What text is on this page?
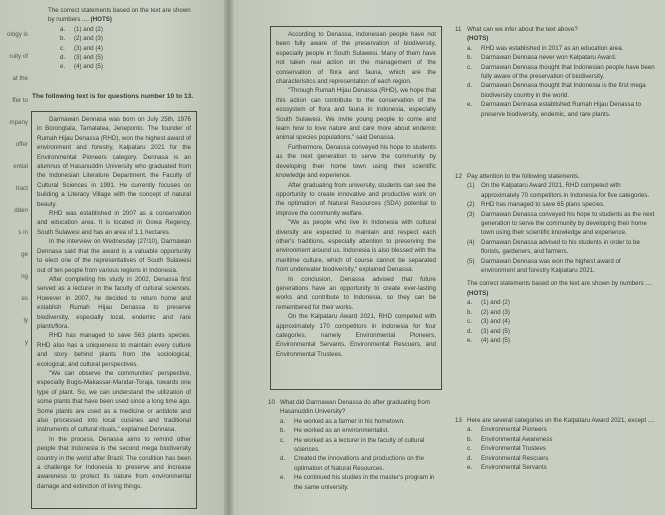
ology is
ruity of
at the
ffer to
mpany
offer
ential
tract
dden
s in
ge
ng
es
ly
y
The correct statements based on the text are shown by numbers .... (HOTS)
a.	(1) and (2)
b.	(2) and (3)
c.	(3) and (4)
d.	(3) and (5)
e.	(4) and (5)
The following text is for questions number 10 to 13.

Darmawan Dennasa was born on July 25th, 1976 in Borongtala, Tamalatea, Jeneponto. The founder of Rumah Hijau Denassa (RHD), won the highest award of environment and forestry, Kalpataru 2021 for the Environmental Pioneers category. Dennasa is an alumnus of Hasanuddin University who graduated from the Indonesian Literature Department, the Faculty of Cultural Sciences in 1991. He currently focuses on building a Literacy Village with the concept of natural beauty.

RHD was established in 2007 as a conservation and education area. It is located in Gowa Regency, South Sulawesi and has an area of 1.1 hectares.

In the interview on Wednesday (27/10), Darmawan Dennasa said that the award is a valuable opportunity to elect one of the representatives of South Sulawesi out of ten people from various regions in Indonesia.

After completing his study in 2002, Denassa first served as a lecturer in the faculty of cultural sciences. However in 2007, he decided to return home and establish Rumah Hijau Denassa to preserve biodiversity, especially local, endemic and rare plants/flora.

RHD has managed to save 563 plants species. RHD also has a uniqueness to maintain every culture and story behind plants from the sociological, ecological, and cultural perspectives.

"We can observe the communities' perspective, especially Bugis-Makassar-Mandar-Toraja, towards one type of plant. So, we can understand the utilization of some plants that have been used since a long time ago. Some plants are used as a medicine or antidote and also processed into local cuisines and traditional instruments of cultural rituals," explained Dennasa.

In the process, Denassa aims to remind other people that Indonesia is the second mega biodiversity country in the world after Brazil. The condition has been a challenge for Indonesia to preserve and increase awareness to protect its nature from environmental damage and extinction of living things.

According to Denassa, Indonesian people have not been fully aware of the preservation of biodiversity, especially people in South Sulawesi. Many of them have not taken real action on the management of the conservation of flora and fauna, which are the characteristics and representation of each region.

"Through Rumah Hijau Denassa (RHD), we hope that this action can contribute to the conservation of the ecosystem of flora and fauna in Indonesia, especially South Sulawesi. We invite young people to come and learn how to love nature and care more about endemic animal species populations," said Denassa.

Furthermore, Denassa conveyed his hope to students as the next generation to serve the community by developing their home town using their scientific knowledge and experience.

After graduating from university, students can see the opportunity to create innovative and productive work on the optimation of Natural Resources (SDA) potential to improve the community welfare.

"We as people who live in Indonesia with cultural diversity are expected to maintain and respect each other's traditions, especially attention to preserving the environment around us. Indonesia is also blessed with the maritime culture, which of course cannot be separated from underwater biodiversity," explained Denassa.

In conclusion, Denassa advised that future generations have an opportunity to create ever-lasting works and contribute to Indonesia, so they can be remembered for their works.

On the Kalpataru Award 2021, RHD competed with approximately 170 competitors in Indonesia for four categories, namely Environmental Pioneers, Environmental Servants, Environmental Rescuers, and Environmental Trustees.

10 What did Darmawan Denassa do after graduating from Hasanuddin University?
a.	He worked as a farmer in his hometown.
b.	He worked as an environmentalist.
c.	He worked as a lecturer in the faculty of cultural sciences.
d.	Created the innovations and productions on the optimation of Natural Resources.
e.	He continued his studies in the master's program in the same university.
11 What can we infer about the text above?
(HOTS)
a.	RHD was established in 2017 as an education area.
b.	Darmawan Dennasa never won Kalpataru Award.
c.	Darmawan Dennasa thought that Indonesian people have been fully aware of the preservation of biodiversity.
d.	Darmawan Dennasa thought that Indonesia is the first mega biodiversity country in the world.
e.	Darmawan Dennasa established Rumah Hijau Denassa to preserve biodiversity, endemic, and rare plants.
12 Pay attention to the following statements.
(1)	On the Kalpataru Award 2021, RHD competed with approximately 70 competitors in Indonesia for five categories.
(2)	RHD has managed to save 65 plans species.
(3)	Darmawan Denassa conveyed his hope to students as the next generation to serve the community by developing their home town using their scientific knowledge and experience.
(4)	Darmawan Denassa advised to his students in order to be florists, gardeners, and farmers.
(5)	Darmawan Dennasa was won the highest award of environment and forestry Kalpataru 2021.
The correct statements based on the text are shown by numbers .... (HOTS)
a.	(1) and (2)
b.	(2) and (3)
c.	(3) and (4)
d.	(3) and (5)
e.	(4) and (5)
13 Here are several categories on the Kalpataru Award 2021, except ....
a.	Environmental Pioneers
b.	Environmental Awareness
c.	Environmental Trustees
d.	Environmental Rescuers
e.	Environmental Servants
